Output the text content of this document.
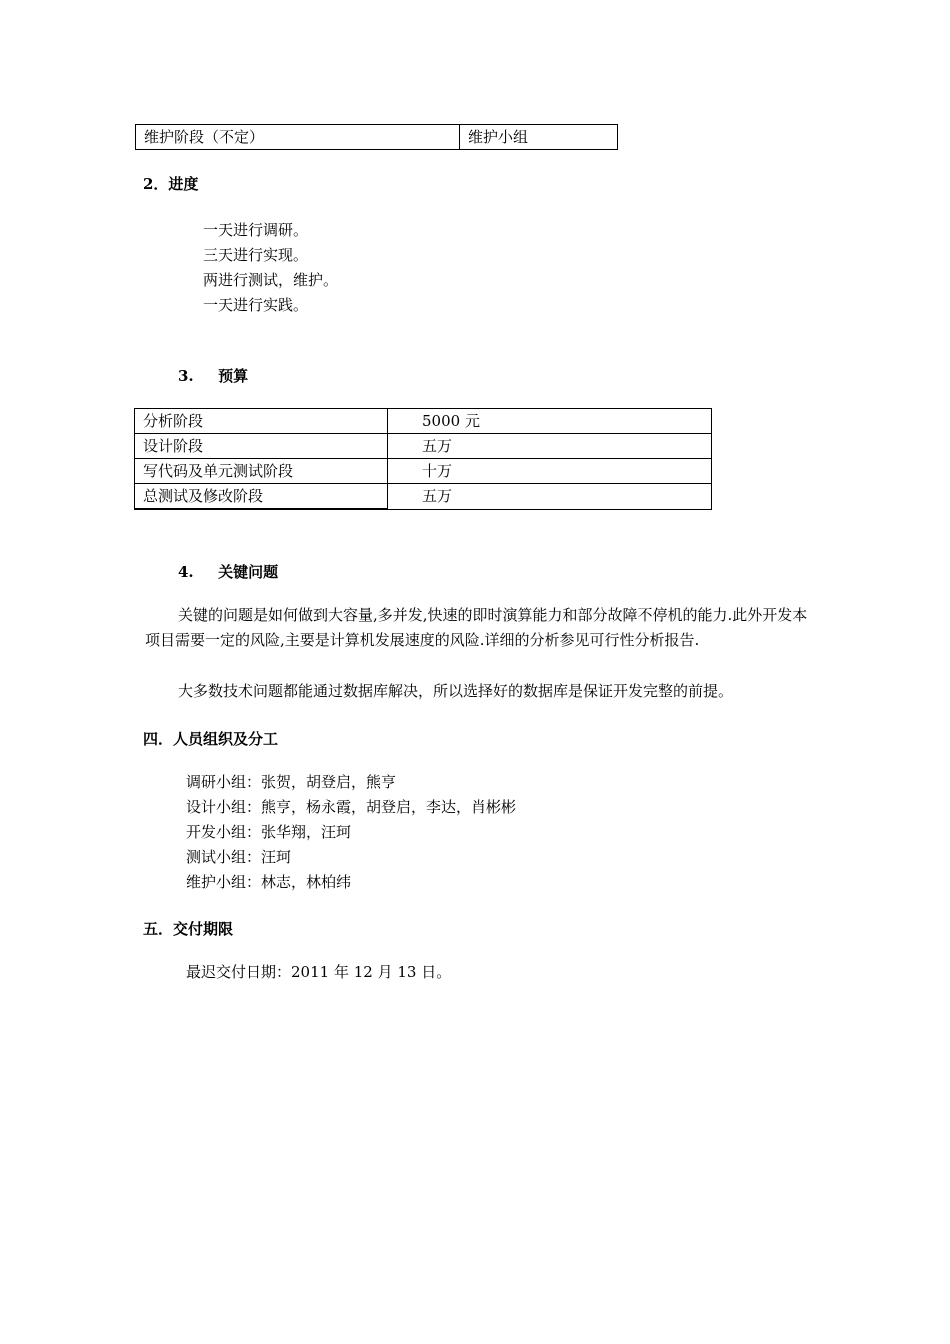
维护阶段（不定）	维护小组
2．进度
一天进行调研。
三天进行实现。
两进行测试，维护。
一天进行实践。
3. 预算
分析阶段	5000 元
设计阶段	五万
写代码及单元测试阶段	十万
总测试及修改阶段	五万
4. 关键问题
关键的问题是如何做到大容量,多并发,快速的即时演算能力和部分故障不停机的能力.此外开发本项目需要一定的风险,主要是计算机发展速度的风险.详细的分析参见可行性分析报告.
大多数技术问题都能通过数据库解决，所以选择好的数据库是保证开发完整的前提。
四．人员组织及分工
调研小组：张贺，胡登启，熊亨
设计小组：熊亨，杨永霞，胡登启，李达，肖彬彬
开发小组：张华翔，汪珂
测试小组：汪珂
维护小组：林志，林柏纬
五．交付期限
最迟交付日期：2011 年 12 月 13 日。
